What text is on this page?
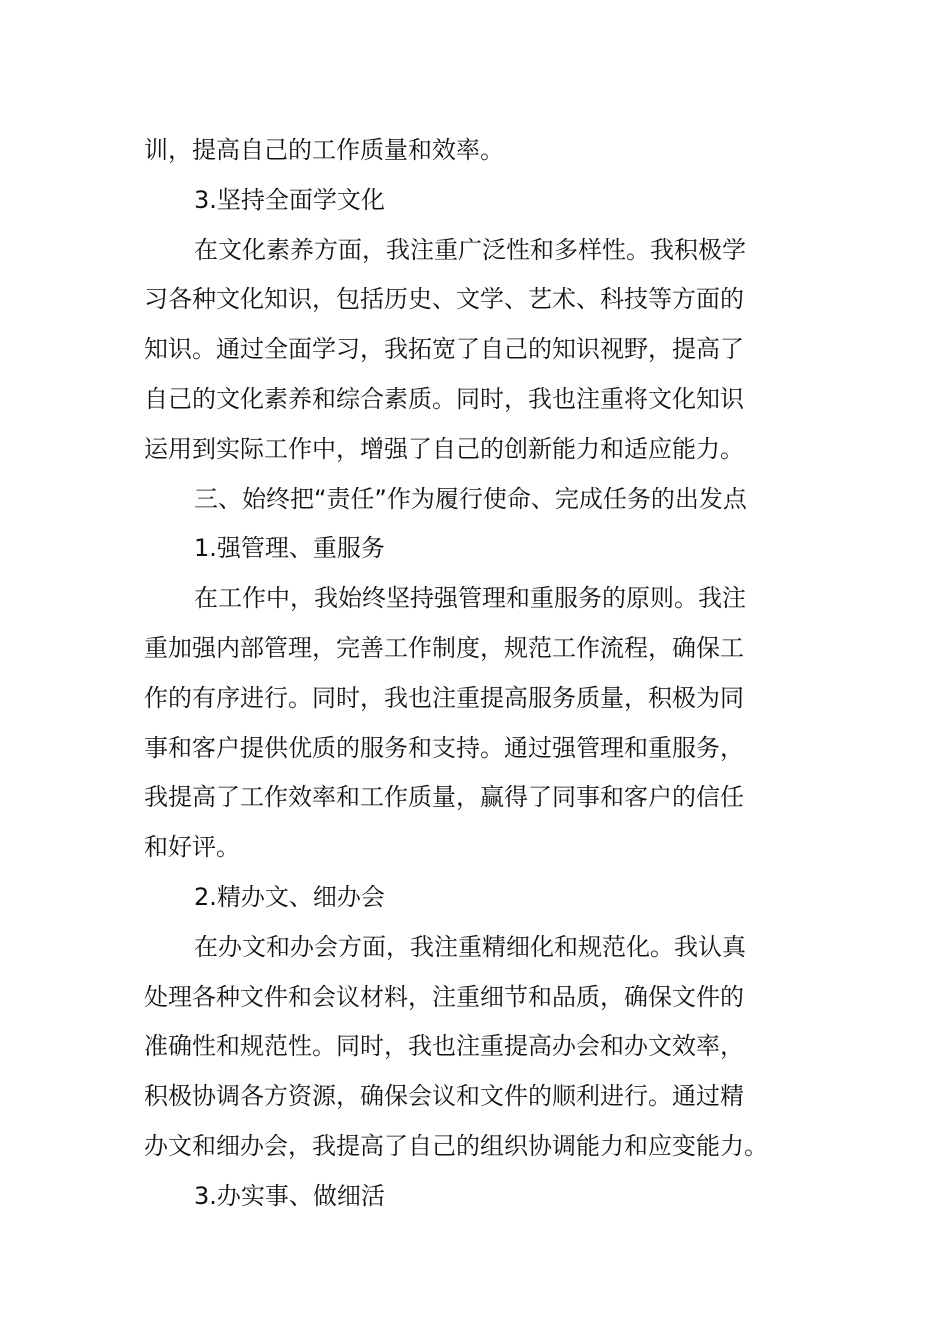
训，提高自己的工作质量和效率。
3.坚持全面学文化
在文化素养方面，我注重广泛性和多样性。我积极学
习各种文化知识，包括历史、文学、艺术、科技等方面的
知识。通过全面学习，我拓宽了自己的知识视野，提高了
自己的文化素养和综合素质。同时，我也注重将文化知识
运用到实际工作中，增强了自己的创新能力和适应能力。
三、始终把“责任”作为履行使命、完成任务的出发点
1.强管理、重服务
在工作中，我始终坚持强管理和重服务的原则。我注
重加强内部管理，完善工作制度，规范工作流程，确保工
作的有序进行。同时，我也注重提高服务质量，积极为同
事和客户提供优质的服务和支持。通过强管理和重服务，
我提高了工作效率和工作质量，赢得了同事和客户的信任
和好评。
2.精办文、细办会
在办文和办会方面，我注重精细化和规范化。我认真
处理各种文件和会议材料，注重细节和品质，确保文件的
准确性和规范性。同时，我也注重提高办会和办文效率，
积极协调各方资源，确保会议和文件的顺利进行。通过精
办文和细办会，我提高了自己的组织协调能力和应变能力。
3.办实事、做细活
